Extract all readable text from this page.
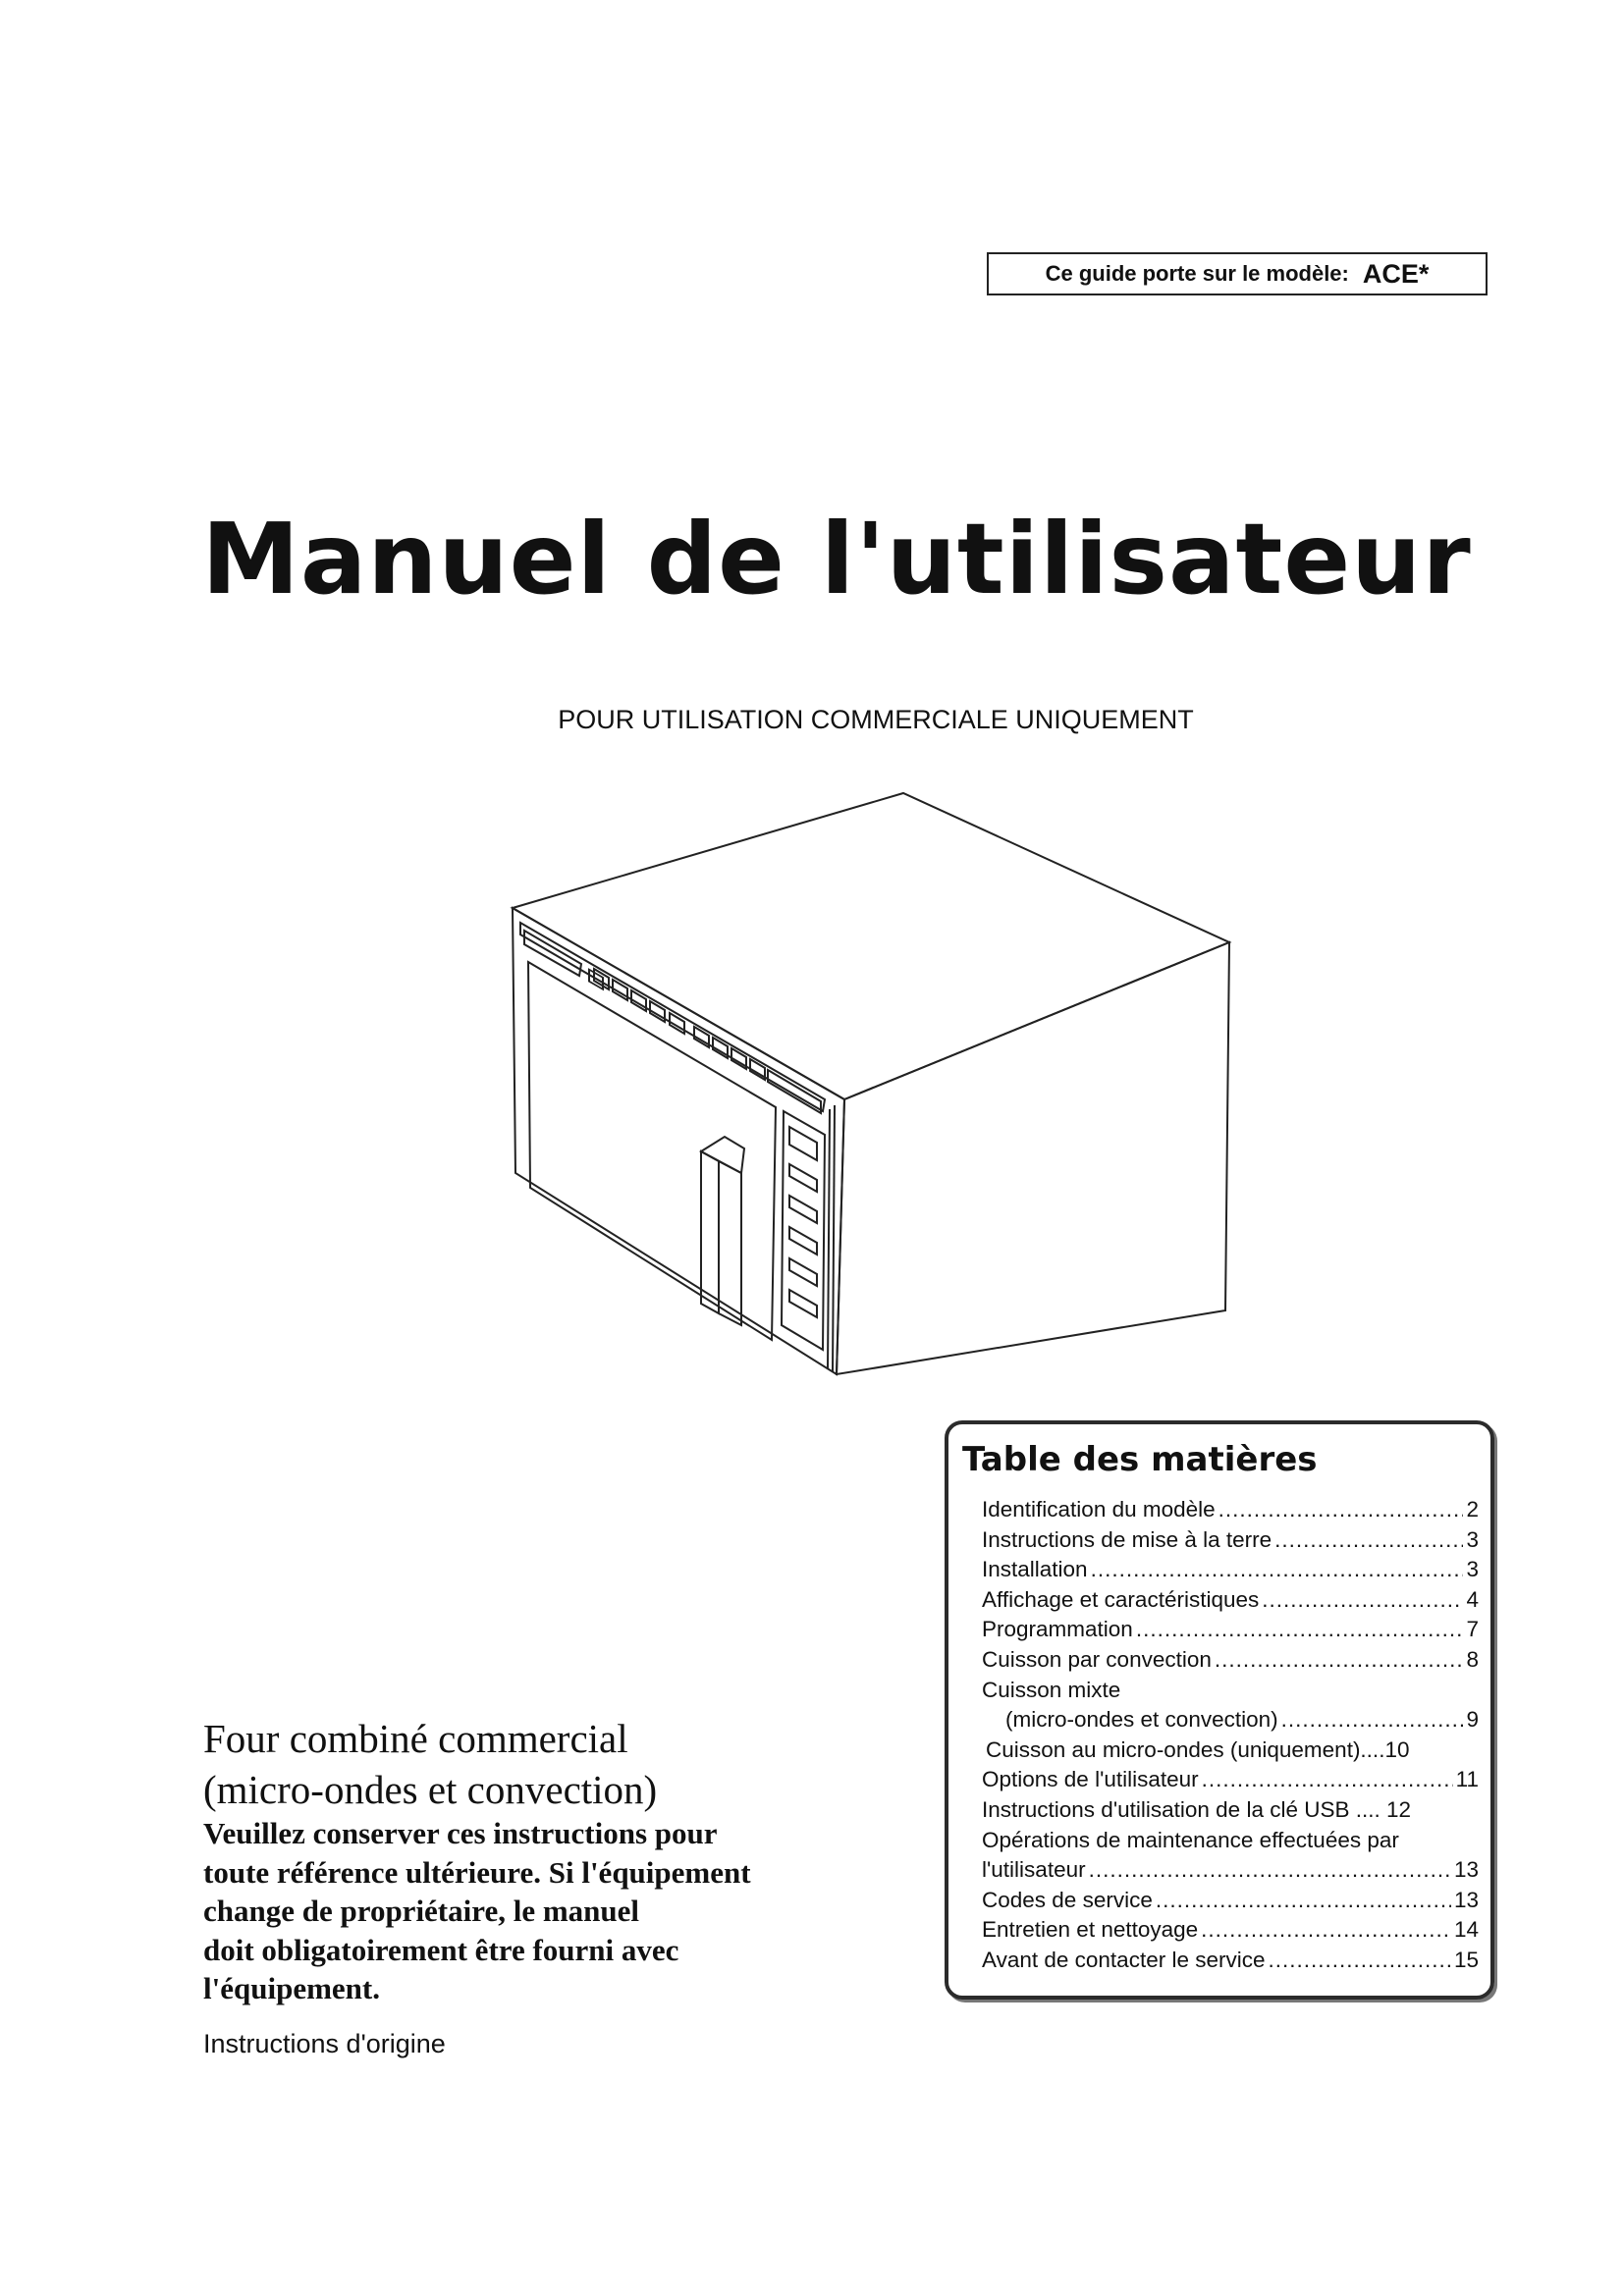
Ce guide porte sur le modèle: ACE*
Manuel de l'utilisateur
POUR UTILISATION COMMERCIALE UNIQUEMENT
Table des matières
Identification du modèle .....	2
Instructions de mise à la terre .....	3
Installation .....	3
Affichage et caractéristiques .....	4
Programmation .....	7
Cuisson par convection .....	8
Cuisson mixte
(micro-ondes et convection) .....	9
Cuisson au micro-ondes (uniquement)....10
Options de l'utilisateur .....	11
Instructions d'utilisation de la clé USB .... 12
Opérations de maintenance effectuées par
l'utilisateur .....	13
Codes de service .....	13
Entretien et nettoyage .....	14
Avant de contacter le service .....	15
Four combiné commercial
(micro-ondes et convection)

Veuillez conserver ces instructions pour
toute référence ultérieure. Si l'équipement
change de propriétaire, le manuel
doit obligatoirement être fourni avec
l'équipement.

Instructions d'origine
